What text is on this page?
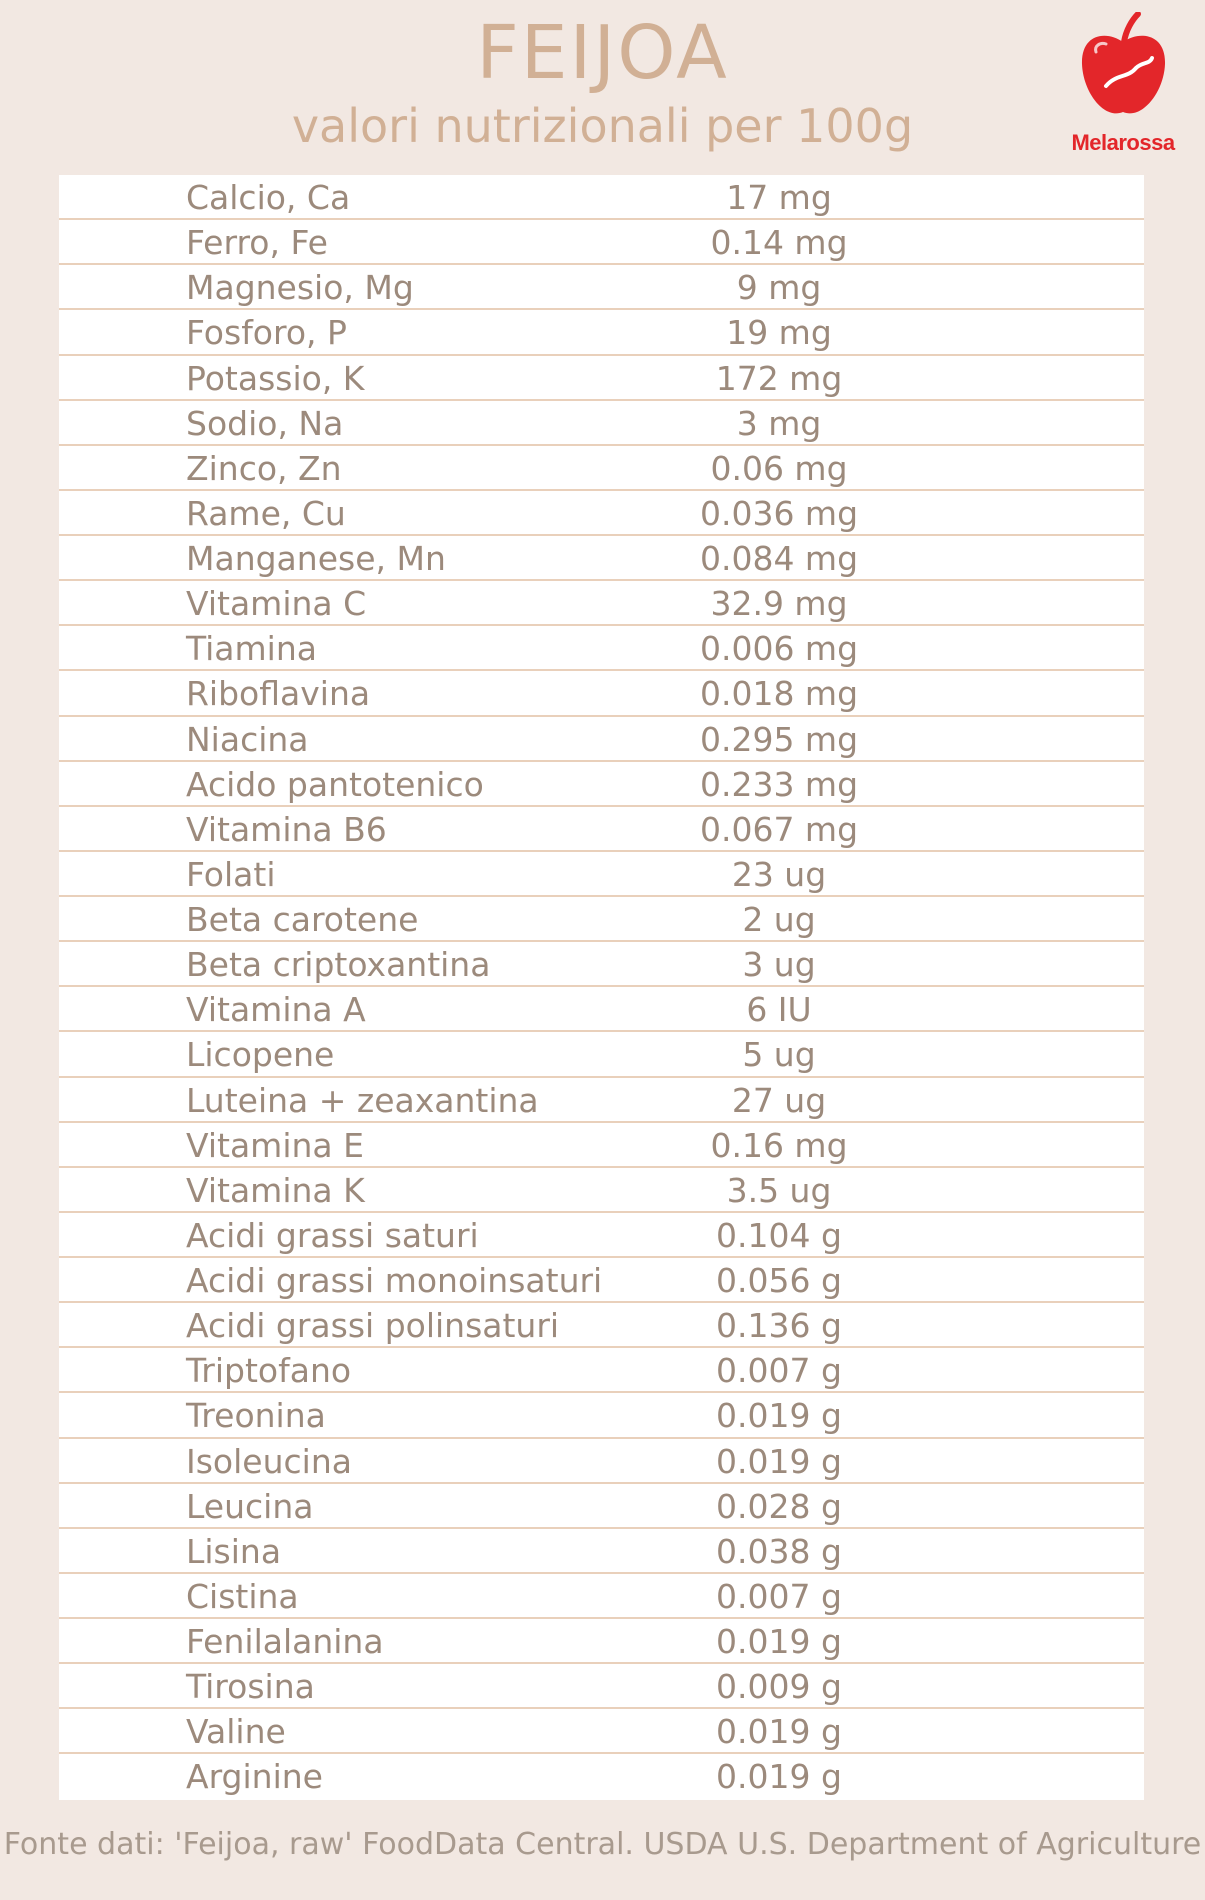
FEIJOA
valori nutrizionali per 100g	Melarossa
Calcio, Ca	17 mg
Ferro, Fe	0.14 mg
Magnesio, Mg	9 mg
Fosforo, P	19 mg
Potassio, K	172 mg
Sodio, Na	3 mg
Zinco, Zn	0.06 mg
Rame, Cu	0.036 mg
Manganese, Mn	0.084 mg
Vitamina C	32.9 mg
Tiamina	0.006 mg
Riboflavina	0.018 mg
Niacina	0.295 mg
Acido pantotenico	0.233 mg
Vitamina B6	0.067 mg
Folati	23 ug
Beta carotene	2 ug
Beta criptoxantina	3 ug
Vitamina A	6 IU
Licopene	5 ug
Luteina + zeaxantina	27 ug
Vitamina E	0.16 mg
Vitamina K	3.5 ug
Acidi grassi saturi	0.104 g
Acidi grassi monoinsaturi	0.056 g
Acidi grassi polinsaturi	0.136 g
Triptofano	0.007 g
Treonina	0.019 g
Isoleucina	0.019 g
Leucina	0.028 g
Lisina	0.038 g
Cistina	0.007 g
Fenilalanina	0.019 g
Tirosina	0.009 g
Valine	0.019 g
Arginine	0.019 g
Fonte dati: 'Feijoa, raw' FoodData Central. USDA U.S. Department of Agriculture
